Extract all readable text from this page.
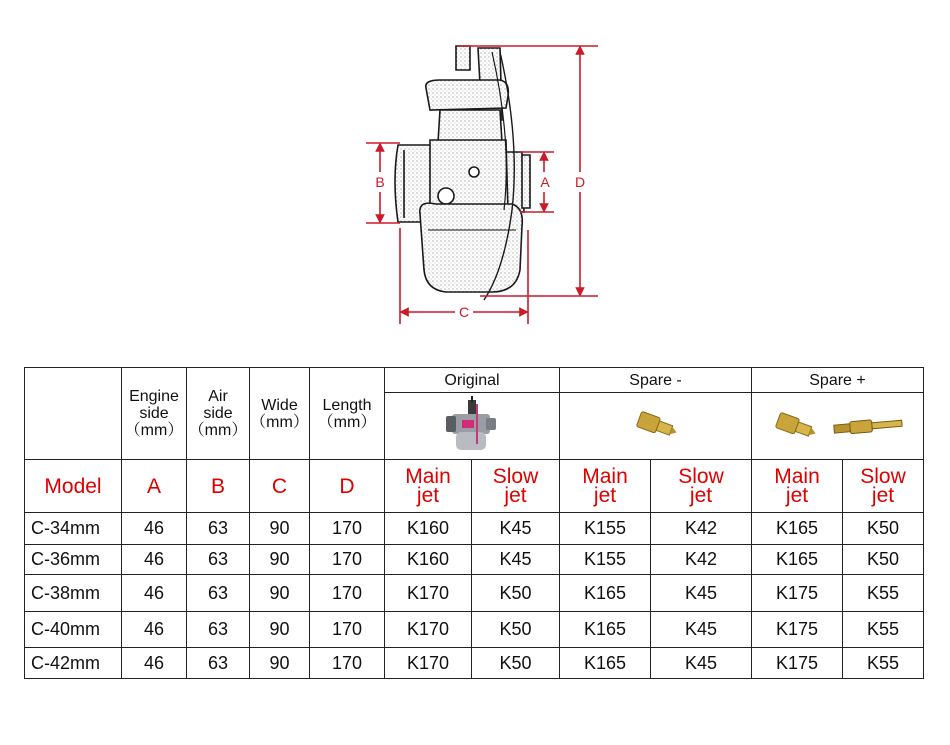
A
B
C
D

	Engine
side
（mm）	Air
side
（mm）	Wide
（mm）	Length
（mm）	Original		Spare -		Spare +	

Model	A	B	C	D	Main
jet	Slow
jet	Main
jet	Slow
jet	Main
jet	Slow
jet

C-34mm	46	63	90	170	K160	K45	K155	K42	K165	K50
C-36mm	46	63	90	170	K160	K45	K155	K42	K165	K50
C-38mm	46	63	90	170	K170	K50	K165	K45	K175	K55
C-40mm	46	63	90	170	K170	K50	K165	K45	K175	K55
C-42mm	46	63	90	170	K170	K50	K165	K45	K175	K55
